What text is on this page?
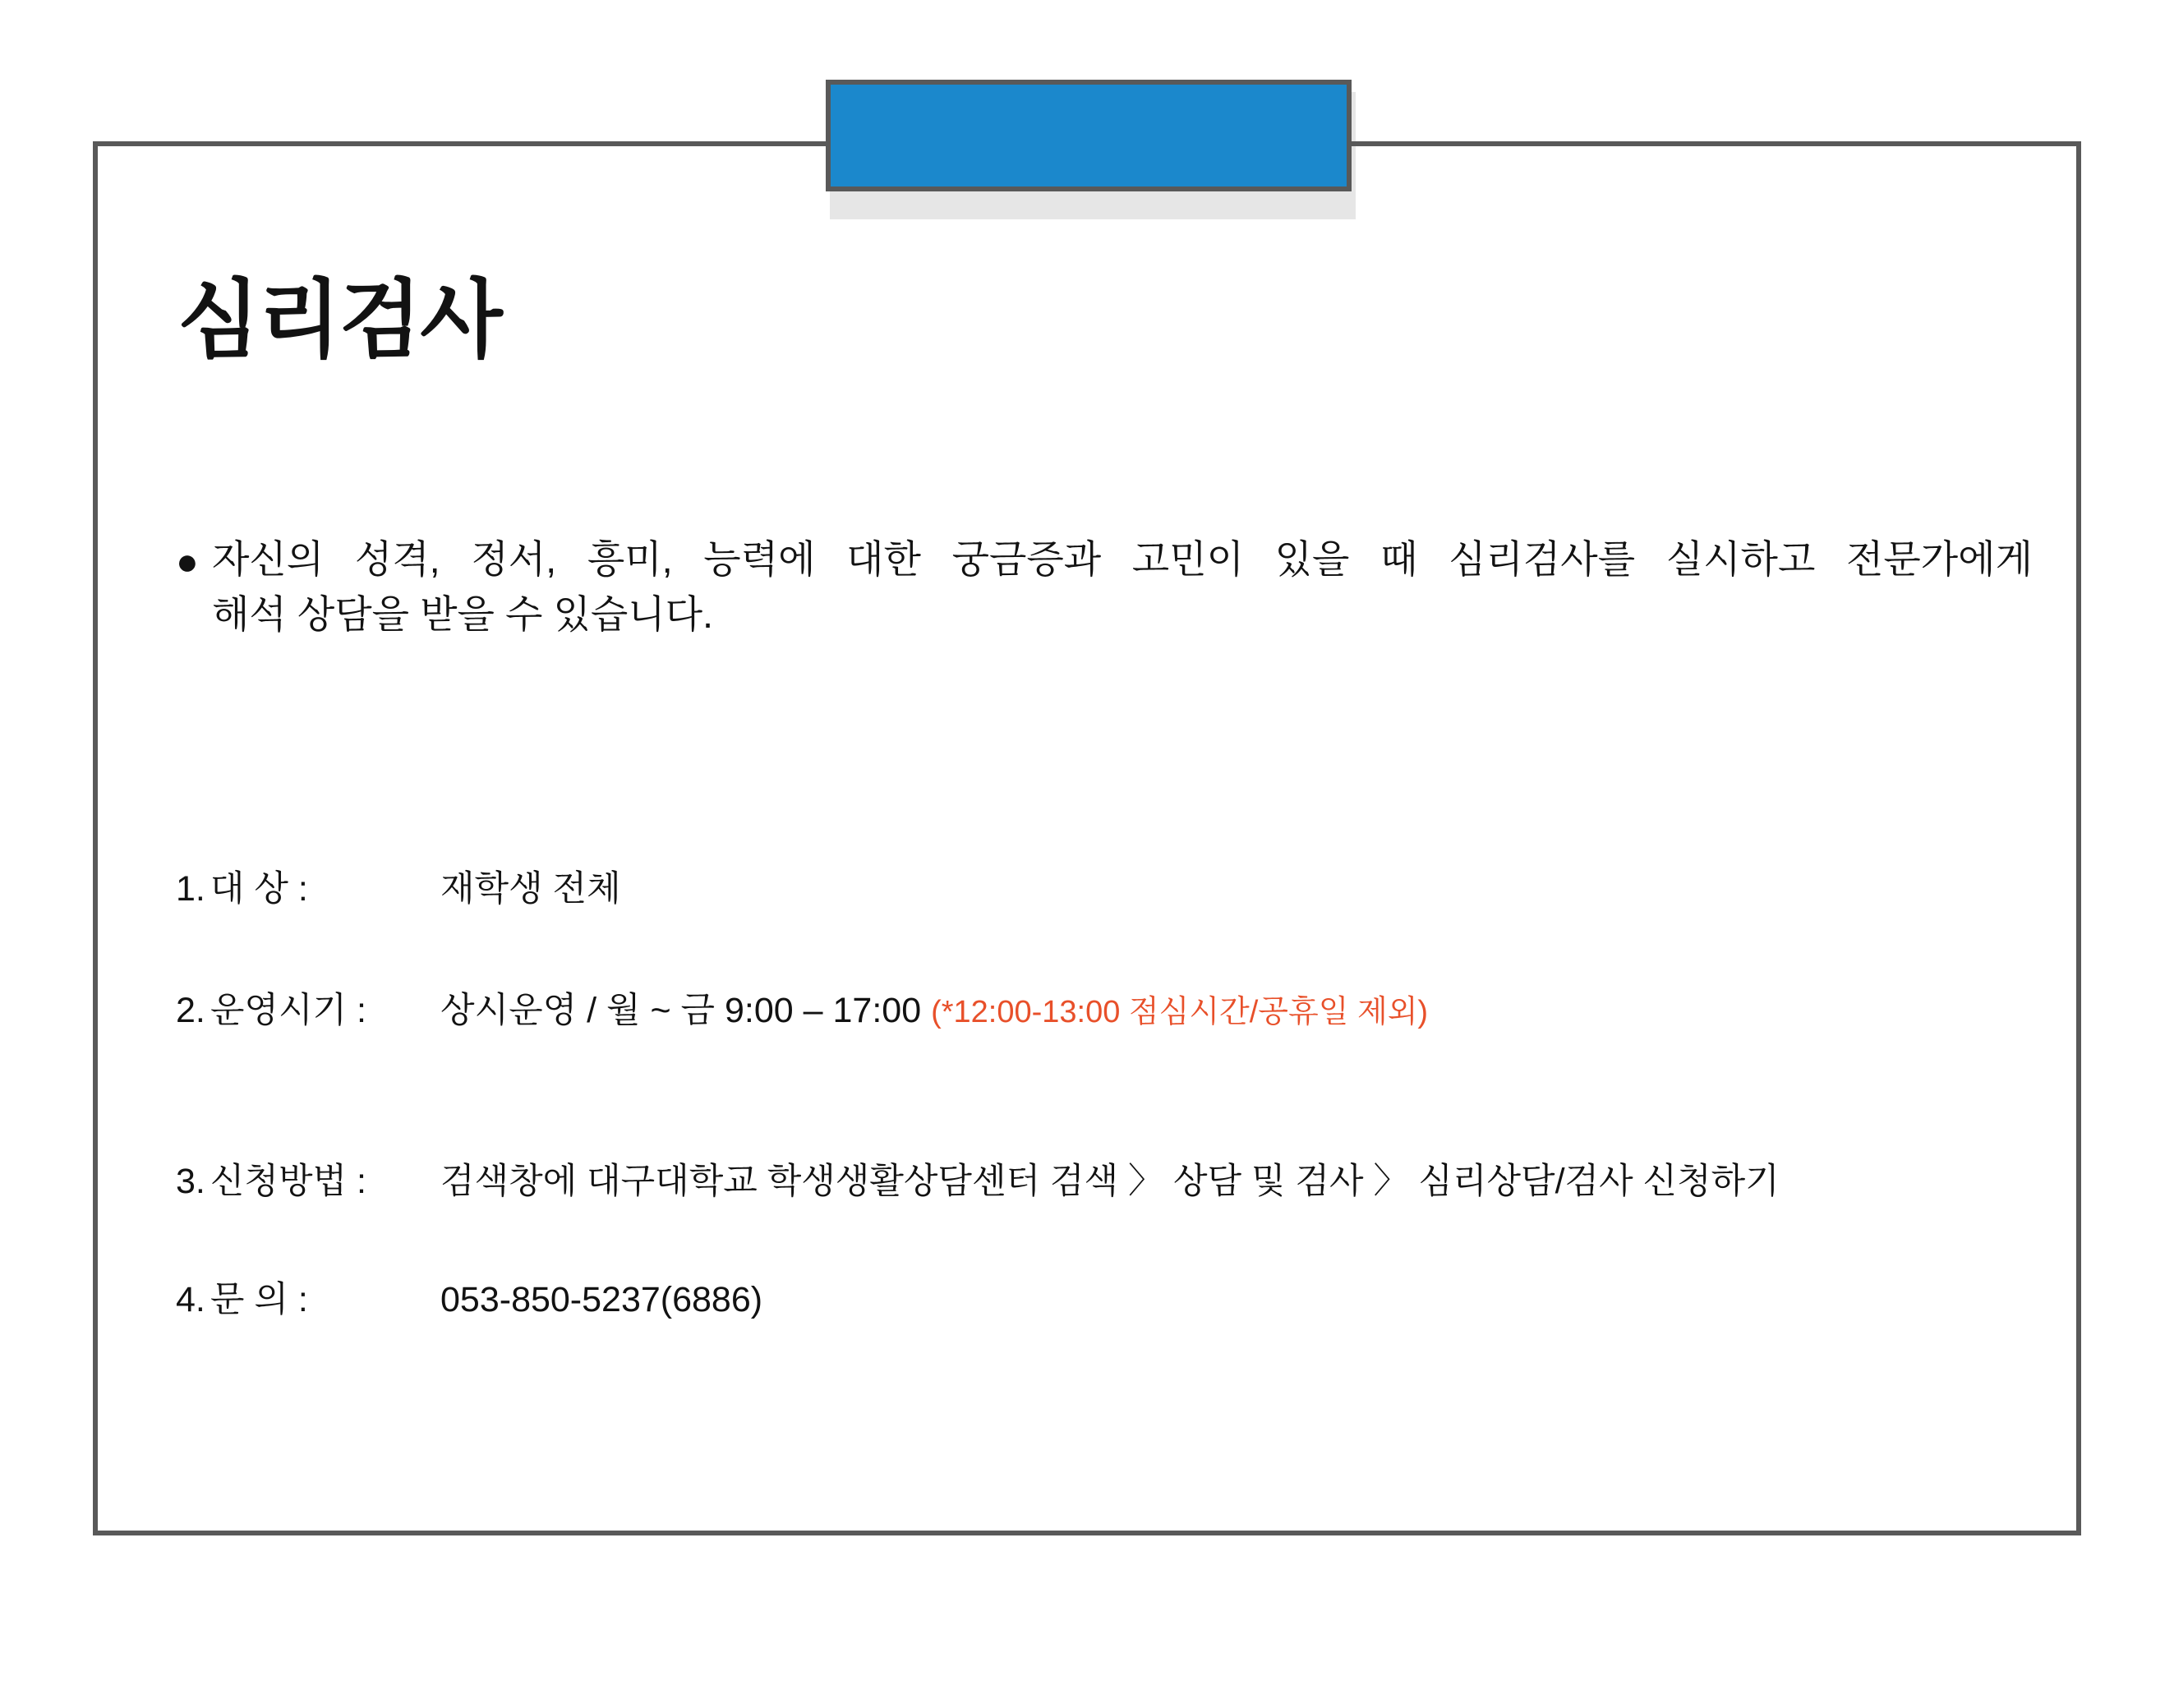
심리검사
● 자신의 성격, 정서, 흥미, 능력에 대한 궁금증과 고민이 있을 때 심리검사를 실시하고 전문가에게
해석 상담을 받을 수 있습니다.
1. 대 상 :	재학생 전체
2. 운영시기 :	상시운영 / 월 ~ 금 9:00 – 17:00 (*12:00-13:00 점심시간/공휴일 제외)
3. 신청방법 :	검색창에 대구대학교 학생생활상담센터 검색 〉 상담 및 검사 〉 심리상담/검사 신청하기
4. 문 의 :	053-850-5237(6886)
